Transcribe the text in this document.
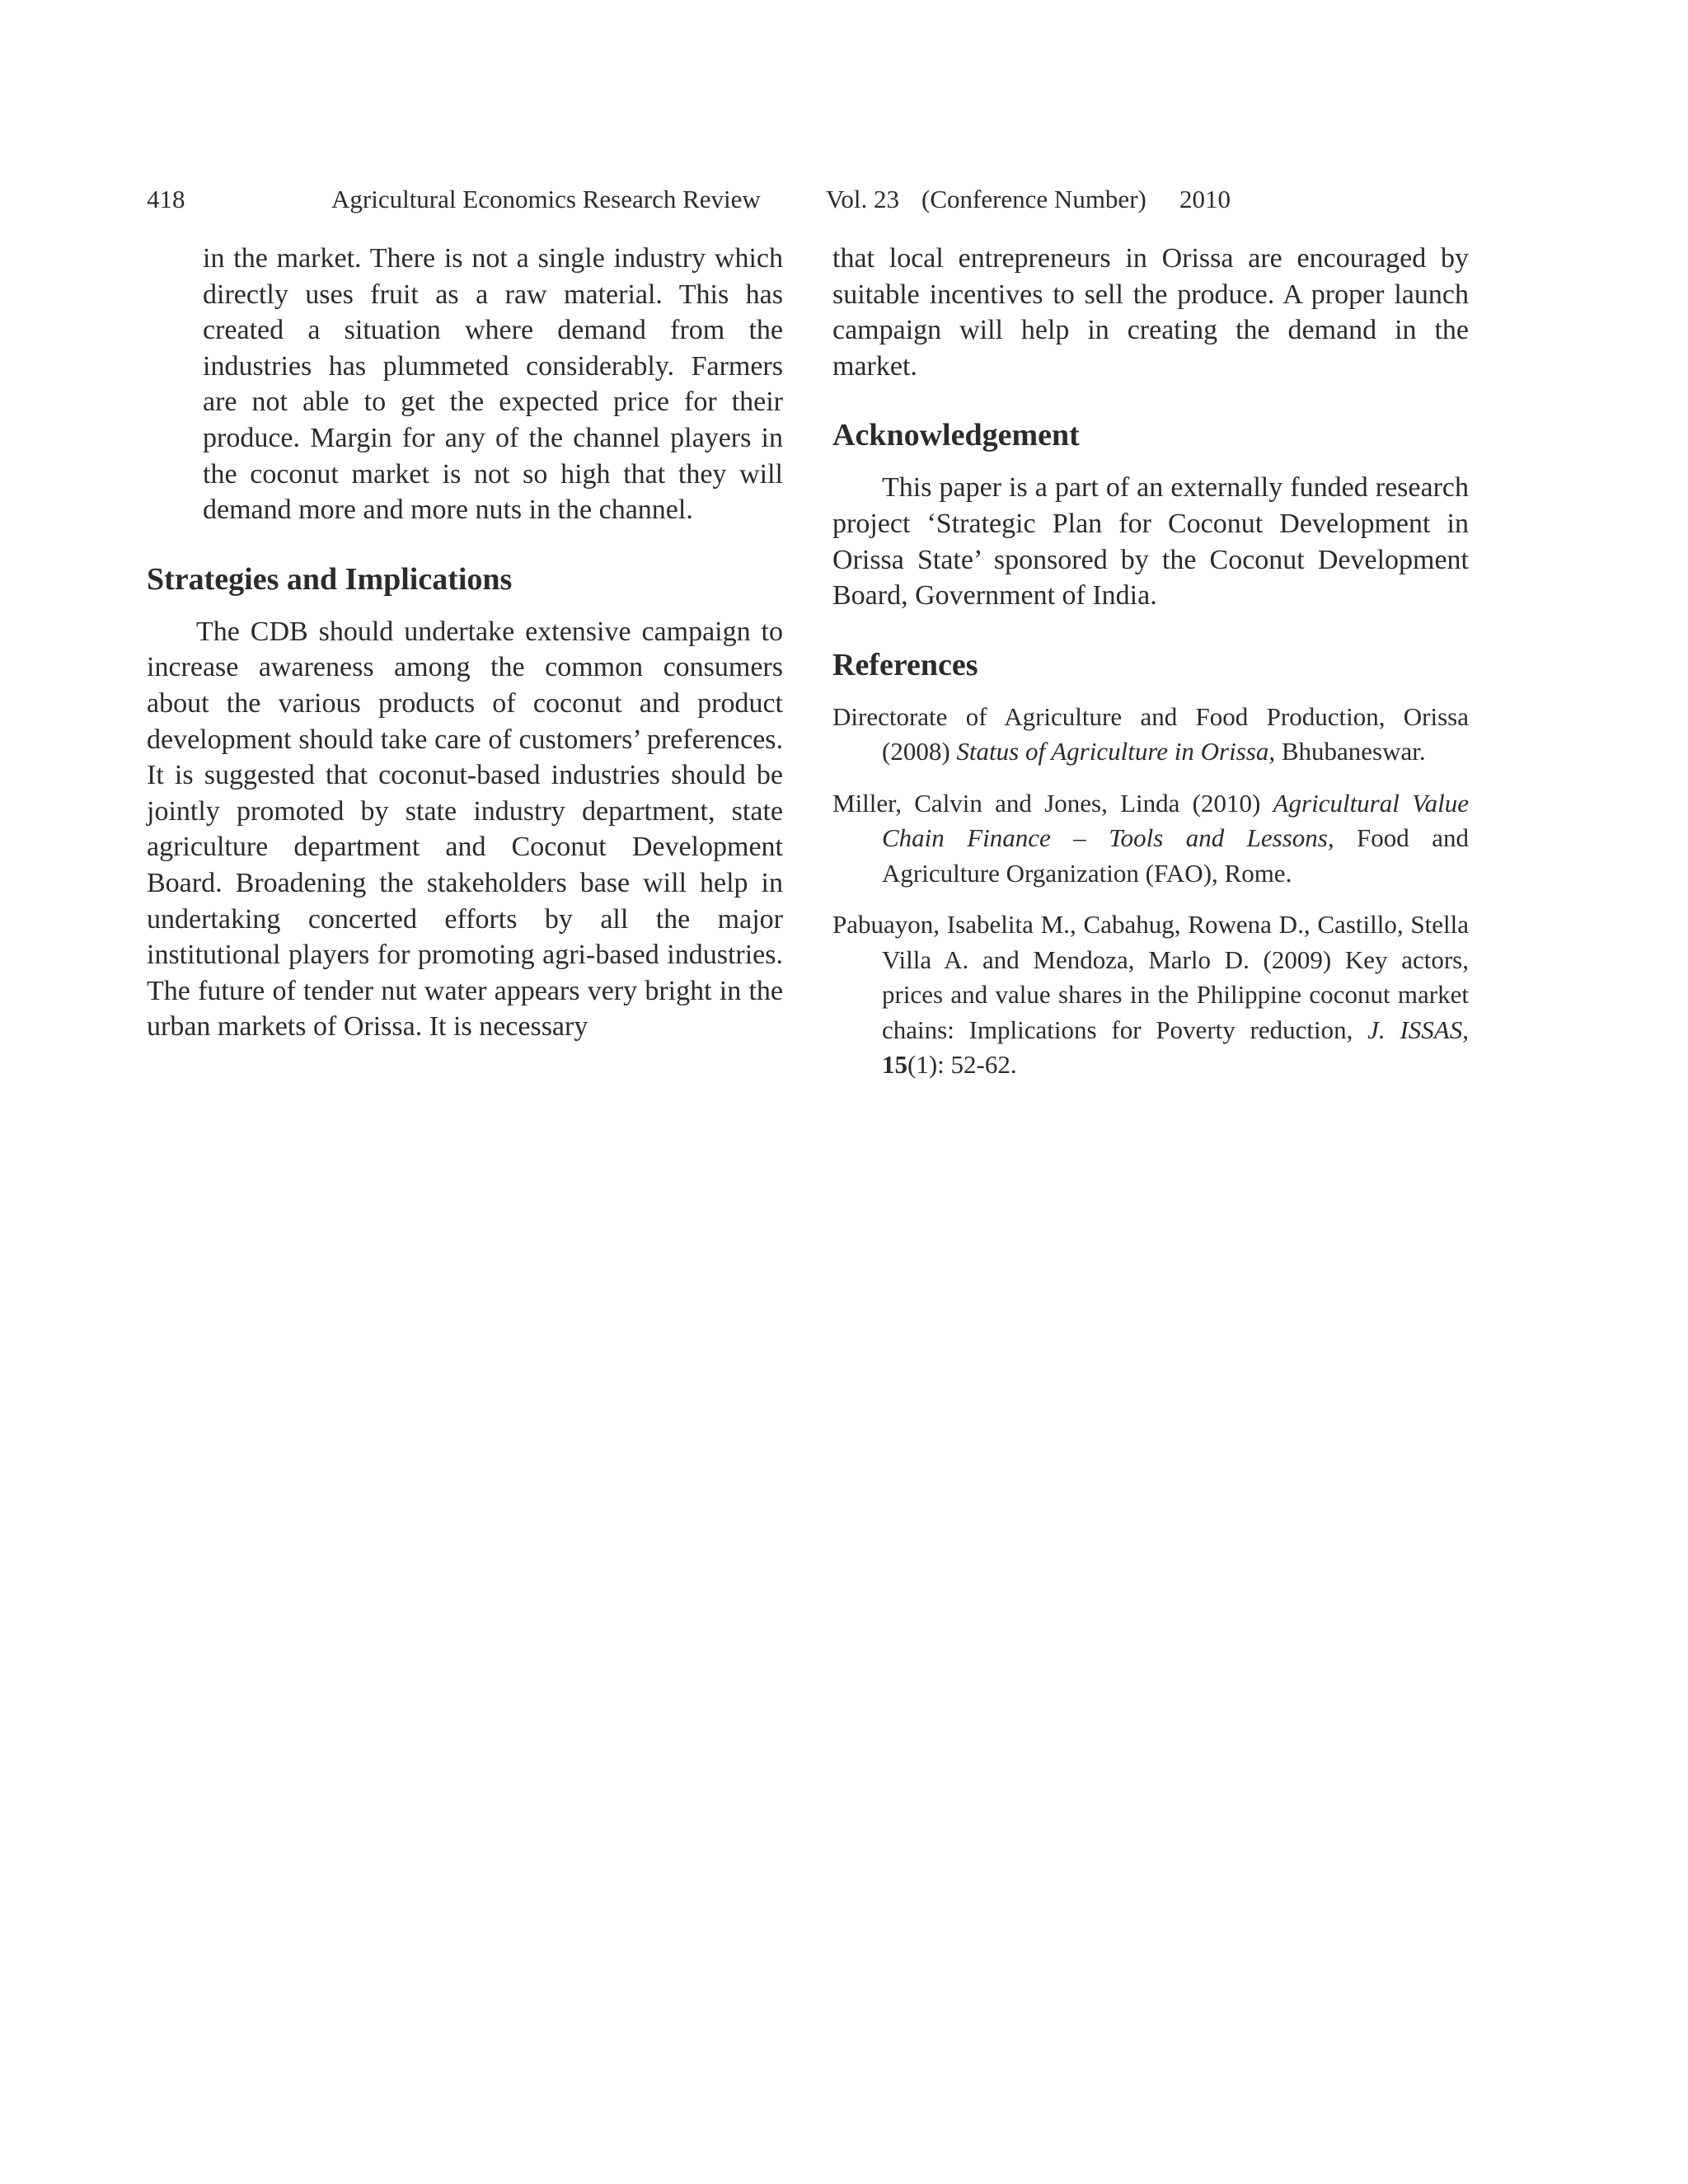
418	Agricultural Economics Research Review	Vol. 23 (Conference Number) 2010

in the market. There is not a single industry which directly uses fruit as a raw material. This has created a situation where demand from the industries has plummeted considerably. Farmers are not able to get the expected price for their produce. Margin for any of the channel players in the coconut market is not so high that they will demand more and more nuts in the channel.

Strategies and Implications

The CDB should undertake extensive campaign to increase awareness among the common consumers about the various products of coconut and product development should take care of customers’ preferences. It is suggested that coconut-based industries should be jointly promoted by state industry department, state agriculture department and Coconut Development Board. Broadening the stakeholders base will help in undertaking concerted efforts by all the major institutional players for promoting agri-based industries. The future of tender nut water appears very bright in the urban markets of Orissa. It is necessary

that local entrepreneurs in Orissa are encouraged by suitable incentives to sell the produce. A proper launch campaign will help in creating the demand in the market.

Acknowledgement

This paper is a part of an externally funded research project ‘Strategic Plan for Coconut Development in Orissa State’ sponsored by the Coconut Development Board, Government of India.

References

Directorate of Agriculture and Food Production, Orissa (2008) Status of Agriculture in Orissa, Bhubaneswar.

Miller, Calvin and Jones, Linda (2010) Agricultural Value Chain Finance – Tools and Lessons, Food and Agriculture Organization (FAO), Rome.

Pabuayon, Isabelita M., Cabahug, Rowena D., Castillo, Stella Villa A. and Mendoza, Marlo D. (2009) Key actors, prices and value shares in the Philippine coconut market chains: Implications for Poverty reduction, J. ISSAS, 15(1): 52-62.
